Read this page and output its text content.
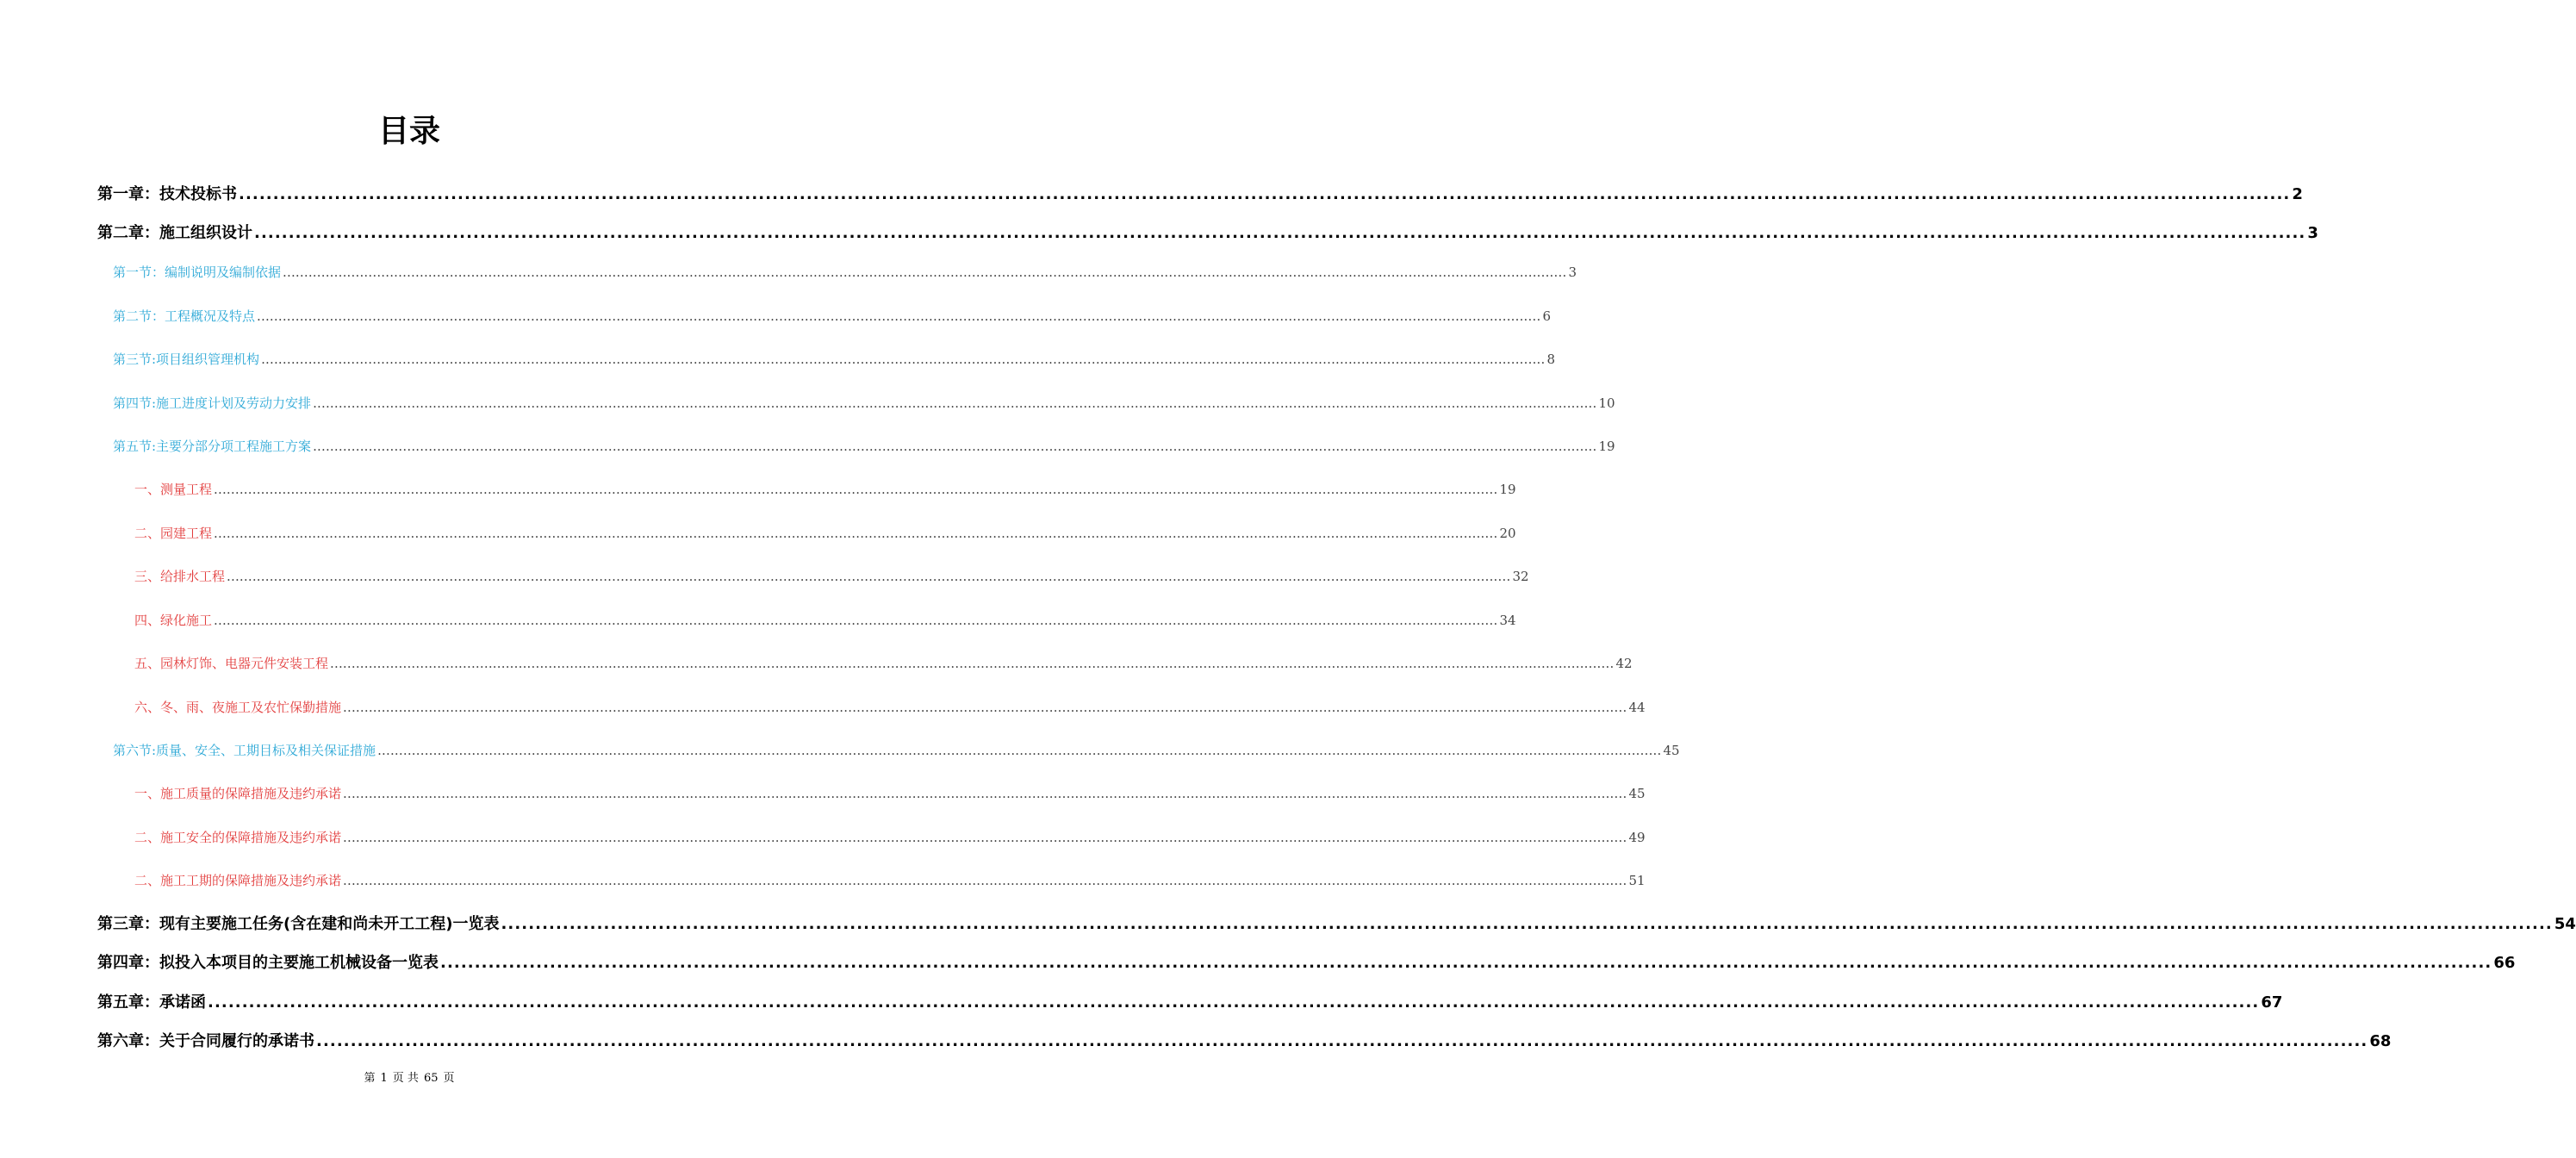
目录
第一章：技术投标书 ............................................................................................................................................................................................................................................................................................................ 2
第二章：施工组织设计 ............................................................................................................................................................................................................................................................................................................ 3
第一节：编制说明及编制依据 ............................................................................................................................................................................................................................................................................................................ 3
第二节：工程概况及特点 ............................................................................................................................................................................................................................................................................................................ 6
第三节:项目组织管理机构 ............................................................................................................................................................................................................................................................................................................ 8
第四节:施工进度计划及劳动力安排 ............................................................................................................................................................................................................................................................................................................ 10
第五节:主要分部分项工程施工方案 ............................................................................................................................................................................................................................................................................................................ 19
一、测量工程 ............................................................................................................................................................................................................................................................................................................ 19
二、园建工程 ............................................................................................................................................................................................................................................................................................................ 20
三、给排水工程 ............................................................................................................................................................................................................................................................................................................ 32
四、绿化施工 ............................................................................................................................................................................................................................................................................................................ 34
五、园林灯饰、电器元件安装工程 ............................................................................................................................................................................................................................................................................................................ 42
六、冬、雨、夜施工及农忙保勤措施 ............................................................................................................................................................................................................................................................................................................ 44
第六节:质量、安全、工期目标及相关保证措施 ............................................................................................................................................................................................................................................................................................................ 45
一、施工质量的保障措施及违约承诺 ............................................................................................................................................................................................................................................................................................................ 45
二、施工安全的保障措施及违约承诺 ............................................................................................................................................................................................................................................................................................................ 49
二、施工工期的保障措施及违约承诺 ............................................................................................................................................................................................................................................................................................................ 51
第三章：现有主要施工任务(含在建和尚未开工工程)一览表 ............................................................................................................................................................................................................................................................................................................ 54
第四章：拟投入本项目的主要施工机械设备一览表 ............................................................................................................................................................................................................................................................................................................ 66
第五章：承诺函 ............................................................................................................................................................................................................................................................................................................ 67
第六章：关于合同履行的承诺书 ............................................................................................................................................................................................................................................................................................................ 68
第 1 页 共 65 页
